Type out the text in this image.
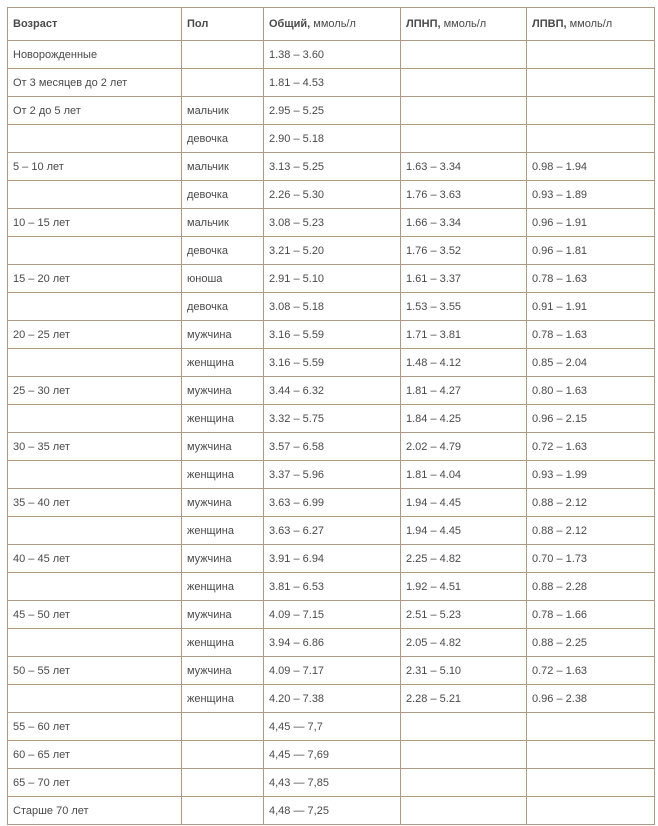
Возраст	Пол	Общий, ммоль/л	ЛПНП, ммоль/л	ЛПВП, ммоль/л
Новорожденные		1.38 – 3.60		
От 3 месяцев до 2 лет		1.81 – 4.53		
От 2 до 5 лет	мальчик	2.95 – 5.25		
	девочка	2.90 – 5.18		
5 – 10 лет	мальчик	3.13 – 5.25	1.63 – 3.34	0.98 – 1.94
	девочка	2.26 – 5.30	1.76 – 3.63	0.93 – 1.89
10 – 15 лет	мальчик	3.08 – 5.23	1.66 – 3.34	0.96 – 1.91
	девочка	3.21 – 5.20	1.76 – 3.52	0.96 – 1.81
15 – 20 лет	юноша	2.91 – 5.10	1.61 – 3.37	0.78 – 1.63
	девочка	3.08 – 5.18	1.53 – 3.55	0.91 – 1.91
20 – 25 лет	мужчина	3.16 – 5.59	1.71 – 3.81	0.78 – 1.63
	женщина	3.16 – 5.59	1.48 – 4.12	0.85 – 2.04
25 – 30 лет	мужчина	3.44 – 6.32	1.81 – 4.27	0.80 – 1.63
	женщина	3.32 – 5.75	1.84 – 4.25	0.96 – 2.15
30 – 35 лет	мужчина	3.57 – 6.58	2.02 – 4.79	0.72 – 1.63
	женщина	3.37 – 5.96	1.81 – 4.04	0.93 – 1.99
35 – 40 лет	мужчина	3.63 – 6.99	1.94 – 4.45	0.88 – 2.12
	женщина	3.63 – 6.27	1.94 – 4.45	0.88 – 2.12
40 – 45 лет	мужчина	3.91 – 6.94	2.25 – 4.82	0.70 – 1.73
	женщина	3.81 – 6.53	1.92 – 4.51	0.88 – 2.28
45 – 50 лет	мужчина	4.09 – 7.15	2.51 – 5.23	0.78 – 1.66
	женщина	3.94 – 6.86	2.05 – 4.82	0.88 – 2.25
50 – 55 лет	мужчина	4.09 – 7.17	2.31 – 5.10	0.72 – 1.63
	женщина	4.20 – 7.38	2.28 – 5.21	0.96 – 2.38
55 – 60 лет		4,45 — 7,7		
60 – 65 лет		4,45 — 7,69		
65 – 70 лет		4,43 — 7,85		
Старше 70 лет		4,48 — 7,25		
